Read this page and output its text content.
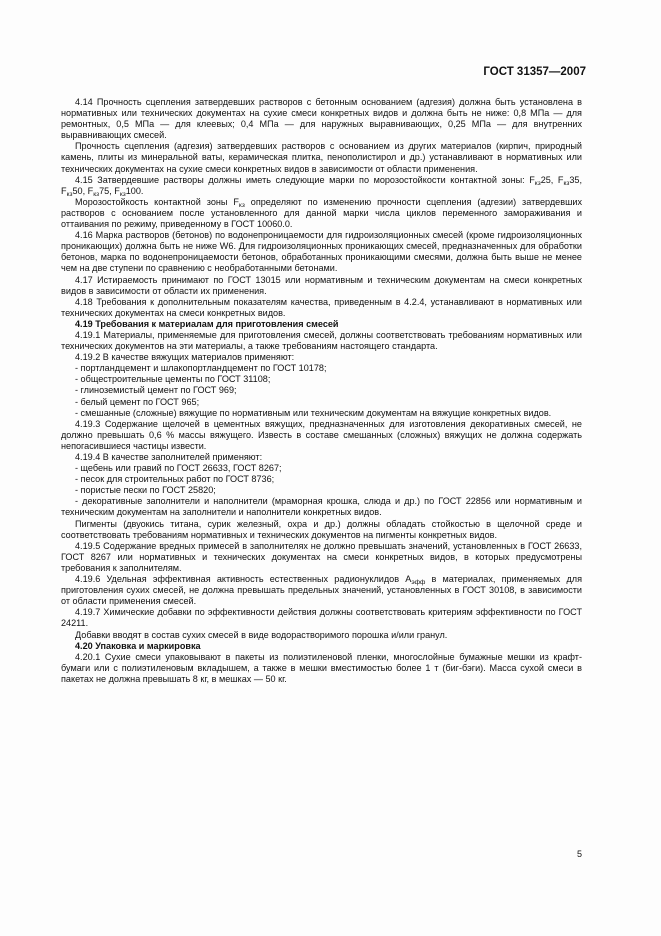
ГОСТ 31357—2007

4.14 Прочность сцепления затвердевших растворов с бетонным основанием (адгезия) должна быть установлена в нормативных или технических документах на сухие смеси конкретных видов и должна быть не ниже: 0,8 МПа — для ремонтных, 0,5 МПа — для клеевых; 0,4 МПа — для наружных выравнивающих, 0,25 МПа — для внутренних выравнивающих смесей.

Прочность сцепления (адгезия) затвердевших растворов с основанием из других материалов (кирпич, природный камень, плиты из минеральной ваты, керамическая плитка, пенополистирол и др.) устанавливают в нормативных или технических документах на сухие смеси конкретных видов в зависимости от области применения.

4.15 Затвердевшие растворы должны иметь следующие марки по морозостойкости контактной зоны: $F_{кз}25$, $F_{кз}35$, $F_{кз}50$, $F_{кз}75$, $F_{кз}100$.

Морозостойкость контактной зоны $F_{кз}$ определяют по изменению прочности сцепления (адгезии) затвердевших растворов с основанием после установленного для данной марки числа циклов переменного замораживания и оттаивания по режиму, приведенному в ГОСТ 10060.0.

4.16 Марка растворов (бетонов) по водонепроницаемости для гидроизоляционных смесей (кроме гидроизоляционных проникающих) должна быть не ниже W6. Для гидроизоляционных проникающих смесей, предназначенных для обработки бетонов, марка по водонепроницаемости бетонов, обработанных проникающими смесями, должна быть выше не менее чем на две ступени по сравнению с необработанными бетонами.

4.17 Истираемость принимают по ГОСТ 13015 или нормативным и техническим документам на смеси конкретных видов в зависимости от области их применения.

4.18 Требования к дополнительным показателям качества, приведенным в 4.2.4, устанавливают в нормативных или технических документах на смеси конкретных видов.

4.19 Требования к материалам для приготовления смесей

4.19.1 Материалы, применяемые для приготовления смесей, должны соответствовать требованиям нормативных или технических документов на эти материалы, а также требованиям настоящего стандарта.

4.19.2 В качестве вяжущих материалов применяют:

- портландцемент и шлакопортландцемент по ГОСТ 10178;

- общестроительные цементы по ГОСТ 31108;

- глиноземистый цемент по ГОСТ 969;

- белый цемент по ГОСТ 965;

- смешанные (сложные) вяжущие по нормативным или техническим документам на вяжущие конкретных видов.

4.19.3 Содержание щелочей в цементных вяжущих, предназначенных для изготовления декоративных смесей, не должно превышать 0,6 % массы вяжущего. Известь в составе смешанных (сложных) вяжущих не должна содержать непогасившиеся частицы извести.

4.19.4 В качестве заполнителей применяют:

- щебень или гравий по ГОСТ 26633, ГОСТ 8267;

- песок для строительных работ по ГОСТ 8736;

- пористые пески по ГОСТ 25820;

- декоративные заполнители и наполнители (мраморная крошка, слюда и др.) по ГОСТ 22856 или нормативным и техническим документам на заполнители и наполнители конкретных видов.

Пигменты (двуокись титана, сурик железный, охра и др.) должны обладать стойкостью в щелочной среде и соответствовать требованиям нормативных и технических документов на пигменты конкретных видов.

4.19.5 Содержание вредных примесей в заполнителях не должно превышать значений, установленных в ГОСТ 26633, ГОСТ 8267 или нормативных и технических документах на смеси конкретных видов, в которых предусмотрены требования к заполнителям.

4.19.6 Удельная эффективная активность естественных радионуклидов $А_{эфф}$ в материалах, применяемых для приготовления сухих смесей, не должна превышать предельных значений, установленных в ГОСТ 30108, в зависимости от области применения смесей.

4.19.7 Химические добавки по эффективности действия должны соответствовать критериям эффективности по ГОСТ 24211.

Добавки вводят в состав сухих смесей в виде водорастворимого порошка и/или гранул.

4.20 Упаковка и маркировка

4.20.1 Сухие смеси упаковывают в пакеты из полиэтиленовой пленки, многослойные бумажные мешки из крафт-бумаги или с полиэтиленовым вкладышем, а также в мешки вместимостью более 1 т (биг-бэги). Масса сухой смеси в пакетах не должна превышать 8 кг, в мешках — 50 кг.

5
